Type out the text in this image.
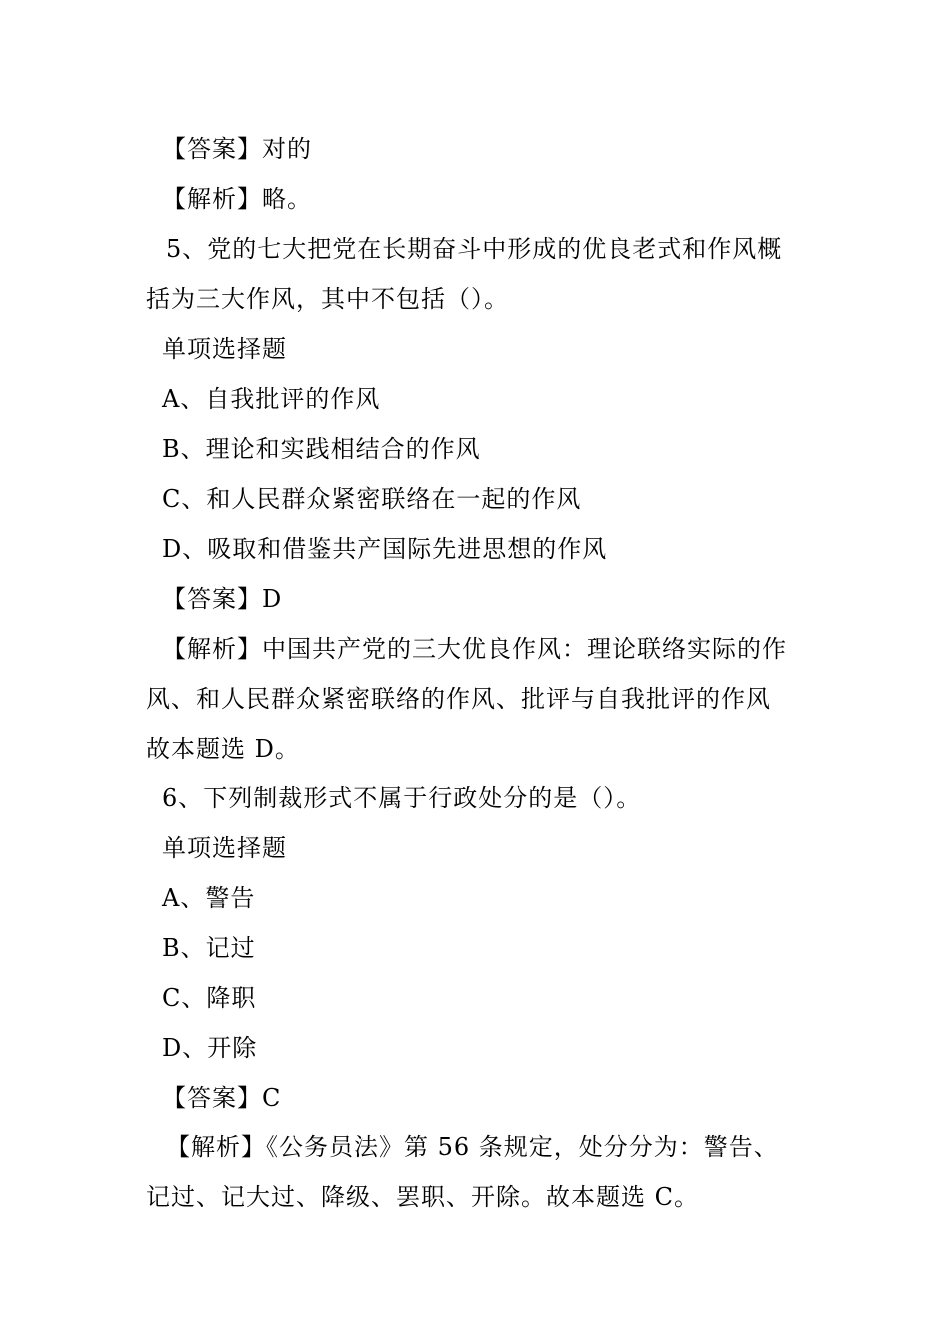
【答案】对的
【解析】略。
5、党的七大把党在长期奋斗中形成的优良老式和作风概
括为三大作风，其中不包括（）。
单项选择题
A、自我批评的作风
B、理论和实践相结合的作风
C、和人民群众紧密联络在一起的作风
D、吸取和借鉴共产国际先进思想的作风
【答案】D
【解析】中国共产党的三大优良作风：理论联络实际的作
风、和人民群众紧密联络的作风、批评与自我批评的作风
故本题选 D。
6、下列制裁形式不属于行政处分的是（）。
单项选择题
A、警告
B、记过
C、降职
D、开除
【答案】C
【解析】《公务员法》第 56 条规定，处分分为：警告、
记过、记大过、降级、罢职、开除。故本题选 C。
